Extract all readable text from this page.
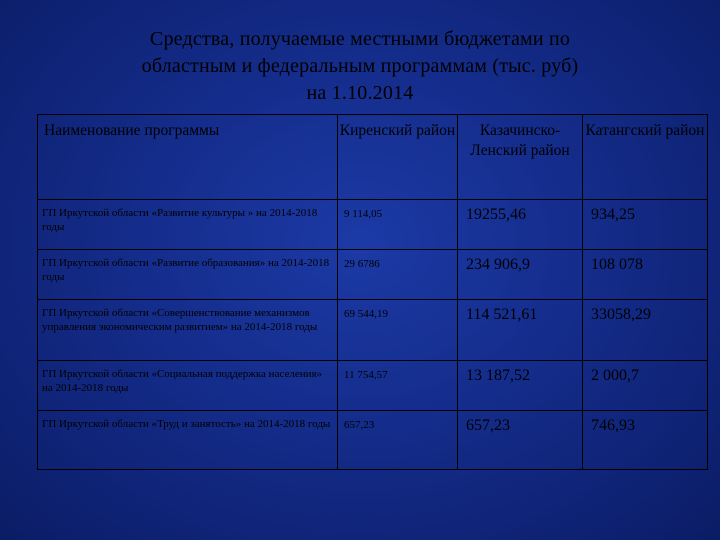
Средства, получаемые местными бюджетами по
областным и федеральным программам (тыс. руб)
на 1.10.2014
Наименование программы	Киренский район	Казачинско-Ленский район	Катангский район
ГП Иркутской области «Развитие культуры » на 2014-2018 годы	9 114,05	19255,46	934,25
ГП Иркутской области «Развитие образования» на 2014-2018 годы	29 6786	234 906,9	108 078
ГП Иркутской области «Совершенствование механизмов управления экономическим развитием» на 2014-2018 годы	69 544,19	114 521,61	33058,29
ГП Иркутской области «Социальная поддержка населения» на 2014-2018 годы	11 754,57	13 187,52	2 000,7
ГП Иркутской области «Труд и занятость» на 2014-2018 годы	657,23	657,23	746,93
